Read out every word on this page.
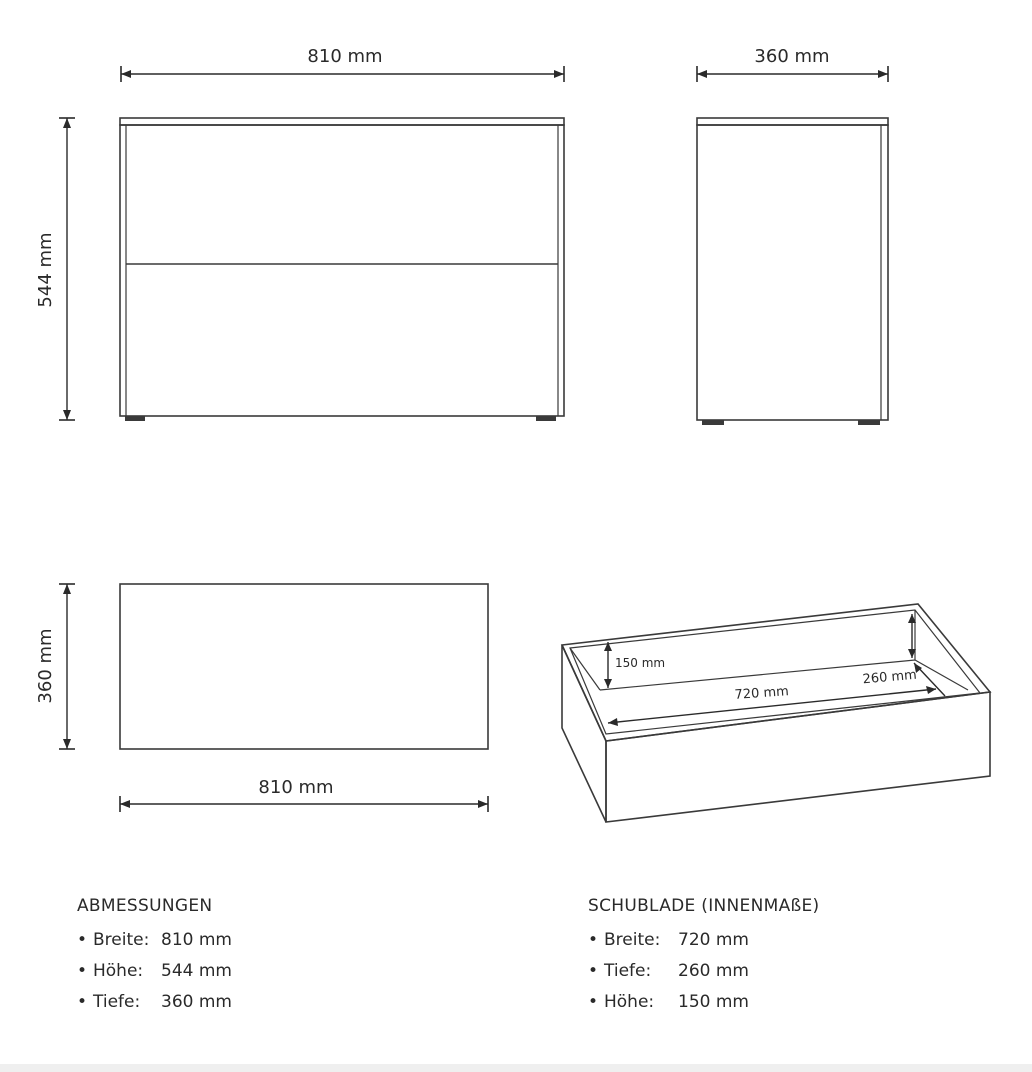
810 mm
544 mm
360 mm
360 mm
810 mm
150 mm
720 mm
260 mm
ABMESSUNGEN
• Breite: 810 mm
• Höhe:	544 mm
• Tiefe:	360 mm
SCHUBLADE (INNENMAßE)
• Breite:	720 mm
• Tiefe:	260 mm
• Höhe:	150 mm
